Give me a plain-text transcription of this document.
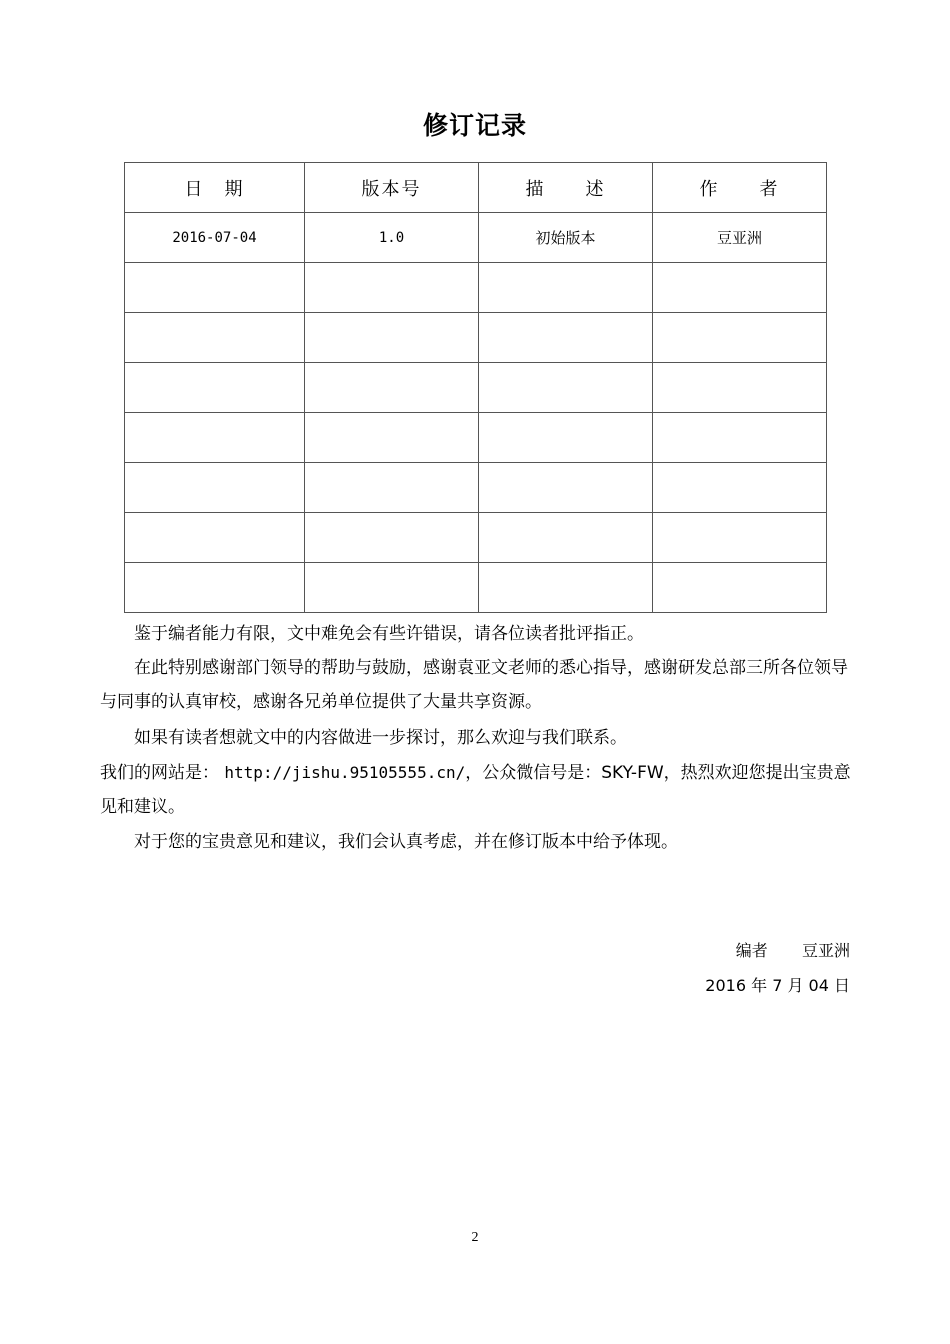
修订记录
日　期	版本号	描　　述	作　　者
2016-07-04	1.0	初始版本	豆亚洲

鉴于编者能力有限，文中难免会有些许错误，请各位读者批评指正。

在此特别感谢部门领导的帮助与鼓励，感谢袁亚文老师的悉心指导，感谢研发总部三所各位领导与同事的认真审校，感谢各兄弟单位提供了大量共享资源。

如果有读者想就文中的内容做进一步探讨，那么欢迎与我们联系。

我们的网站是： http://jishu.95105555.cn/，公众微信号是：SKY-FW，热烈欢迎您提出宝贵意见和建议。

对于您的宝贵意见和建议，我们会认真考虑，并在修订版本中给予体现。

编者 豆亚洲
2016 年 7 月 04 日
2
